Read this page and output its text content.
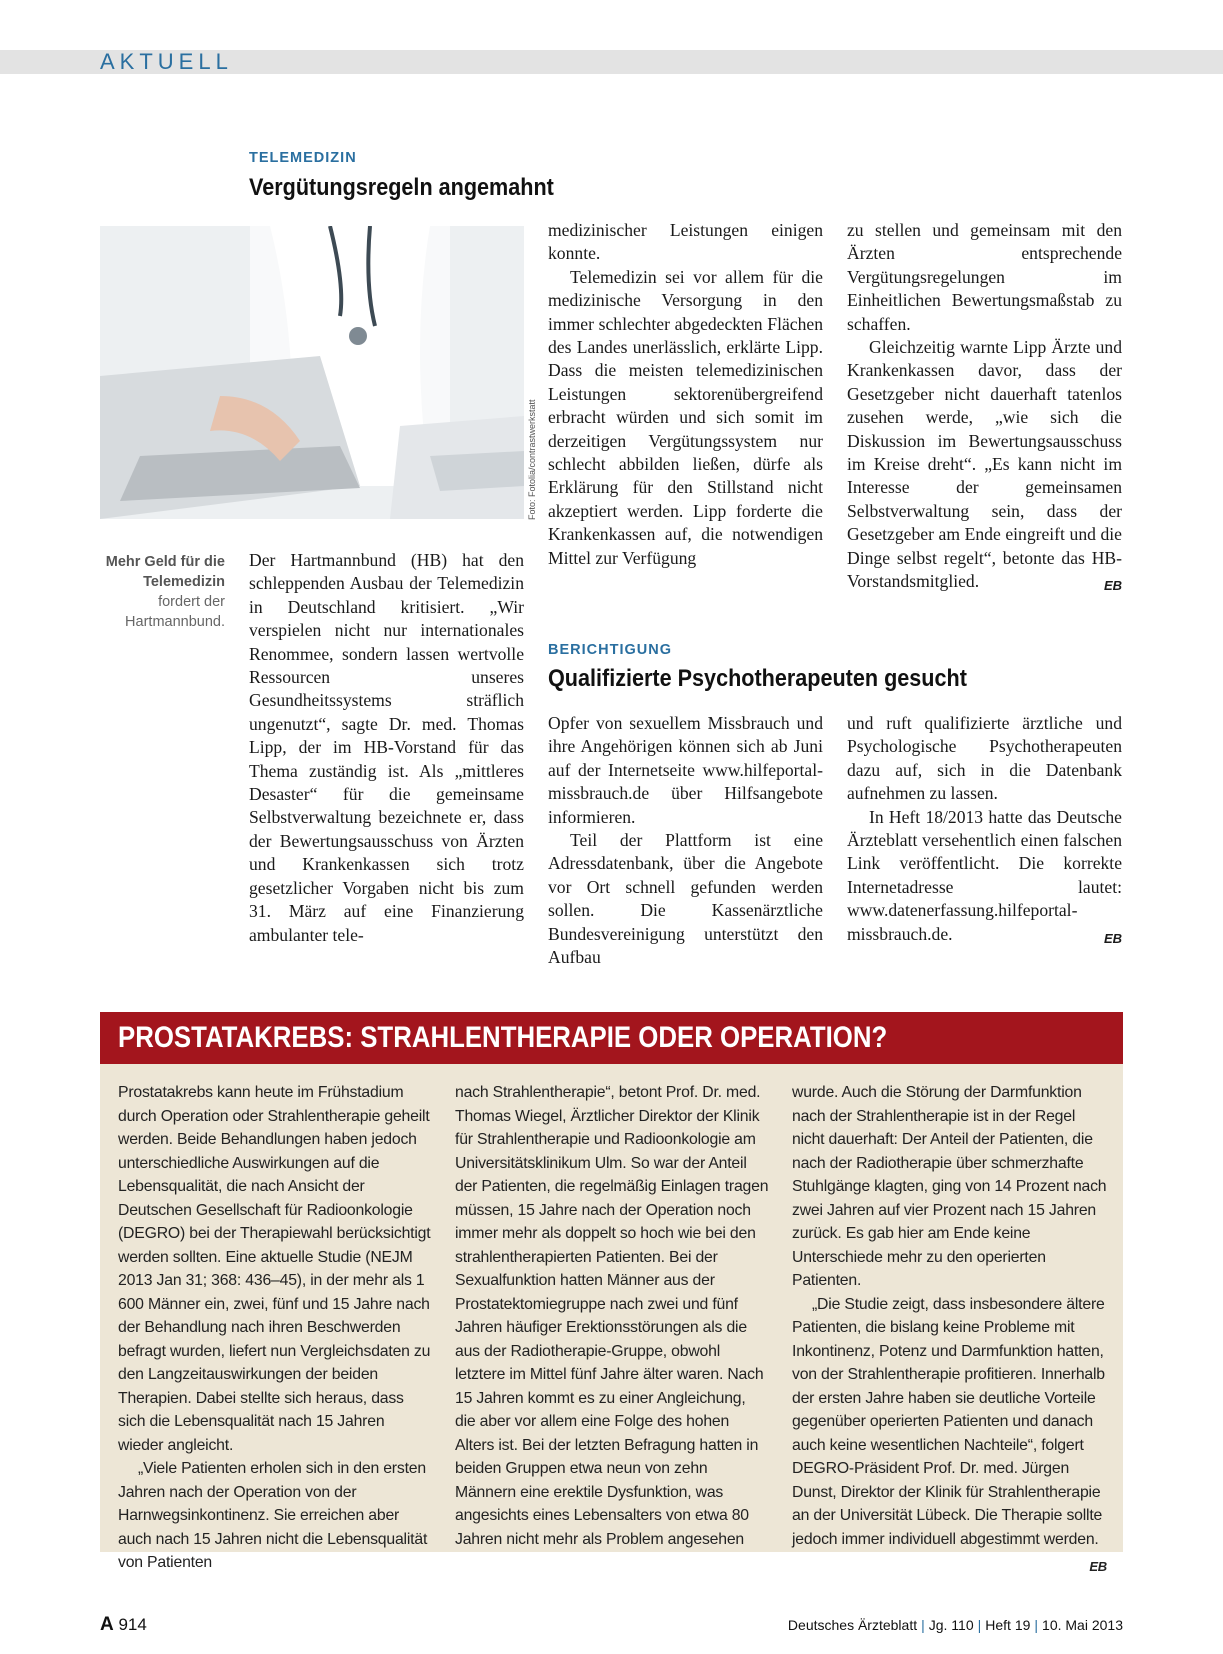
AKTUELL
TELEMEDIZIN
Vergütungsregeln angemahnt
Foto: Fotolia/contrastwerkstatt
Mehr Geld für die Telemedizin fordert der Hartmannbund.

Der Hartmannbund (HB) hat den schleppenden Ausbau der Telemedizin in Deutschland kritisiert. „Wir verspielen nicht nur internationales Renommee, sondern lassen wertvolle Ressourcen unseres Gesundheitssystems sträflich ungenutzt“, sagte Dr. med. Thomas Lipp, der im HB-Vorstand für das Thema zuständig ist. Als „mittleres Desaster“ für die gemeinsame Selbstverwaltung bezeichnete er, dass der Bewertungsausschuss von Ärzten und Krankenkassen sich trotz gesetzlicher Vorgaben nicht bis zum 31. März auf eine Finanzierung ambulanter tele-

medizinischer Leistungen einigen konnte.

Telemedizin sei vor allem für die medizinische Versorgung in den immer schlechter abgedeckten Flächen des Landes unerlässlich, erklärte Lipp. Dass die meisten telemedizinischen Leistungen sektorenübergreifend erbracht würden und sich somit im derzeitigen Vergütungssystem nur schlecht abbilden ließen, dürfe als Erklärung für den Stillstand nicht akzeptiert werden. Lipp forderte die Krankenkassen auf, die notwendigen Mittel zur Verfügung

zu stellen und gemeinsam mit den Ärzten entsprechende Vergütungsregelungen im Einheitlichen Bewertungsmaßstab zu schaffen.

Gleichzeitig warnte Lipp Ärzte und Krankenkassen davor, dass der Gesetzgeber nicht dauerhaft tatenlos zusehen werde, „wie sich die Diskussion im Bewertungsausschuss im Kreise dreht“. „Es kann nicht im Interesse der gemeinsamen Selbstverwaltung sein, dass der Gesetzgeber am Ende eingreift und die Dinge selbst regelt“, betonte das HB-Vorstandsmitglied.	EB

BERICHTIGUNG
Qualifizierte Psychotherapeuten gesucht

Opfer von sexuellem Missbrauch und ihre Angehörigen können sich ab Juni auf der Internetseite www.hilfeportal-missbrauch.de über Hilfsangebote informieren.

Teil der Plattform ist eine Adressdatenbank, über die Angebote vor Ort schnell gefunden werden sollen. Die Kassenärztliche Bundesvereinigung unterstützt den Aufbau

und ruft qualifizierte ärztliche und Psychologische Psychotherapeuten dazu auf, sich in die Datenbank aufnehmen zu lassen.

In Heft 18/2013 hatte das Deutsche Ärzteblatt versehentlich einen falschen Link veröffentlicht. Die korrekte Internetadresse lautet: www.datenerfassung.hilfeportal-missbrauch.de.	EB

PROSTATAKREBS: STRAHLENTHERAPIE ODER OPERATION?

Prostatakrebs kann heute im Frühstadium durch Operation oder Strahlentherapie geheilt werden. Beide Behandlungen haben jedoch unterschiedliche Auswirkungen auf die Lebensqualität, die nach Ansicht der Deutschen Gesellschaft für Radioonkologie (DEGRO) bei der Therapiewahl berücksichtigt werden sollten. Eine aktuelle Studie (NEJM 2013 Jan 31; 368: 436–45), in der mehr als 1 600 Männer ein, zwei, fünf und 15 Jahre nach der Behandlung nach ihren Beschwerden befragt wurden, liefert nun Vergleichsdaten zu den Langzeitauswirkungen der beiden Therapien. Dabei stellte sich heraus, dass sich die Lebensqualität nach 15 Jahren wieder angleicht.

„Viele Patienten erholen sich in den ersten Jahren nach der Operation von der Harnwegsinkontinenz. Sie erreichen aber auch nach 15 Jahren nicht die Lebensqualität von Patienten

nach Strahlentherapie“, betont Prof. Dr. med. Thomas Wiegel, Ärztlicher Direktor der Klinik für Strahlentherapie und Radioonkologie am Universitätsklinikum Ulm. So war der Anteil der Patienten, die regelmäßig Einlagen tragen müssen, 15 Jahre nach der Operation noch immer mehr als doppelt so hoch wie bei den strahlentherapierten Patienten. Bei der Sexualfunktion hatten Männer aus der Prostatektomiegruppe nach zwei und fünf Jahren häufiger Erektionsstörungen als die aus der Radiotherapie-Gruppe, obwohl letztere im Mittel fünf Jahre älter waren. Nach 15 Jahren kommt es zu einer Angleichung, die aber vor allem eine Folge des hohen Alters ist. Bei der letzten Befragung hatten in beiden Gruppen etwa neun von zehn Männern eine erektile Dysfunktion, was angesichts eines Lebensalters von etwa 80 Jahren nicht mehr als Problem angesehen

wurde. Auch die Störung der Darmfunktion nach der Strahlentherapie ist in der Regel nicht dauerhaft: Der Anteil der Patienten, die nach der Radiotherapie über schmerzhafte Stuhlgänge klagten, ging von 14 Prozent nach zwei Jahren auf vier Prozent nach 15 Jahren zurück. Es gab hier am Ende keine Unterschiede mehr zu den operierten Patienten.

„Die Studie zeigt, dass insbesondere ältere Patienten, die bislang keine Probleme mit Inkontinenz, Potenz und Darmfunktion hatten, von der Strahlentherapie profitieren. Innerhalb der ersten Jahre haben sie deutliche Vorteile gegenüber operierten Patienten und danach auch keine wesentlichen Nachteile“, folgert DEGRO-Präsident Prof. Dr. med. Jürgen Dunst, Direktor der Klinik für Strahlentherapie an der Universität Lübeck. Die Therapie sollte jedoch immer individuell abgestimmt werden.
EB

A 914	Deutsches Ärzteblatt | Jg. 110 | Heft 19 | 10. Mai 2013
